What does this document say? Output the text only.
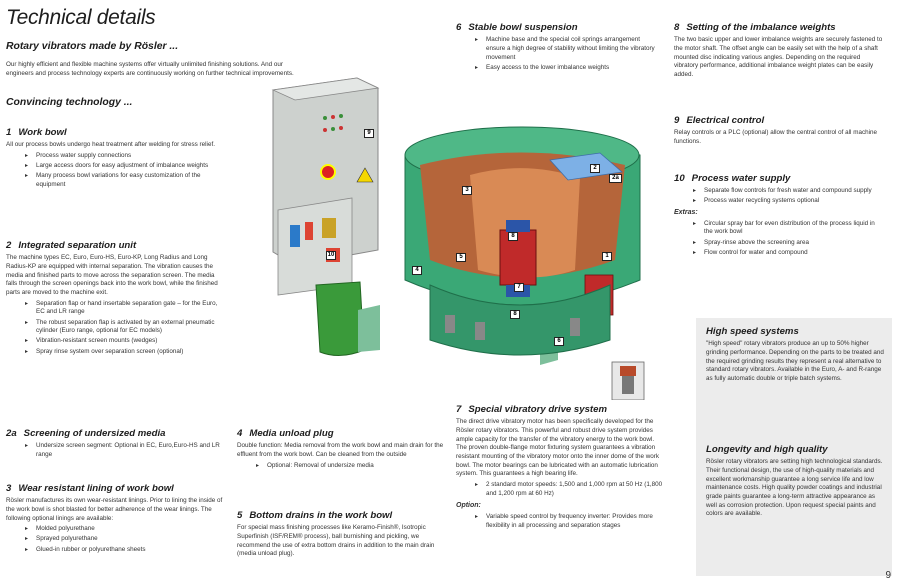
Technical details
Rotary vibrators made by Rösler ...
Our highly efficient and flexible machine systems offer virtually unlimited finishing solutions. And our engineers and process technology experts are continuously working on further technical improvements.
Convincing technology ...
1 Work bowl

All our process bowls undergo heat treatment after welding for stress relief.

▸ Process water supply connections
▸ Large access doors for easy adjustment of imbalance weights
▸ Many process bowl variations for easy customization of the equipment
2 Integrated separation unit

The machine types EC, Euro, Euro-HS, Euro-KP, Long Radius and Long Radius-KP are equipped with internal separation. The vibration causes the media and finished parts to move across the separation screen. The media falls through the screen openings back into the work bowl, while the finished parts are moved to the machine exit.

▸ Separation flap or hand insertable separation gate – for the Euro, EC and LR range
▸ The robust separation flap is activated by an external pneumatic cylinder (Euro range, optional for EC models)
▸ Vibration-resistant screen mounts (wedges)
▸ Spray rinse system over separation screen (optional)
2a Screening of undersized media
▸ Undersize screen segment: Optional in EC, Euro,Euro-HS and LR range
3 Wear resistant lining of work bowl

Rösler manufactures its own wear-resistant linings. Prior to lining the inside of the work bowl is shot blasted for better adherence of the wear linings. The following optional linings are available:

▸ Molded polyurethane
▸ Sprayed polyurethane
▸ Glued-in rubber or polyurethane sheets
4 Media unload plug

Double function: Media removal from the work bowl and main drain for the effluent from the work bowl. Can be cleaned from the outside

▸ Optional: Removal of undersize media
5 Bottom drains in the work bowl

For special mass finishing processes like Keramo-Finish®, Isotropic Superfinish (ISF/REM® process), ball burnishing and pickling, we recommend the use of extra bottom drains in addition to the main drain (media unload plug).

6 Stable bowl suspension
▸ Machine base and the special coil springs arrangement ensure a high degree of stability without limiting the vibratory movement
▸ Easy access to the lower imbalance weights
7 Special vibratory drive system

The direct drive vibratory motor has been specifically developed for the Rösler rotary vibrators. This powerful and robust drive system provides ample capacity for the transfer of the vibratory energy to the work bowl. The proven double-flange motor fixturing system guarantees a vibration resistant mounting of the vibratory motor onto the inner dome of the work bowl. The motor bearings can be lubricated with an automatic lubrication system. This guarantees a high bearing life.

▸ 2 standard motor speeds: 1,500 and 1,000 rpm at 50 Hz (1,800 and 1,200 rpm at 60 Hz)
Option:
▸ Variable speed control by frequency inverter: Provides more flexibility in all processing and separation stages
8 Setting of the imbalance weights

The two basic upper and lower imbalance weights are securely fastened to the motor shaft. The offset angle can be easily set with the help of a shaft mounted disc indicating various angles. Depending on the required vibratory performance, additional imbalance weight plates can be easily added.

9 Electrical control

Relay controls or a PLC (optional) allow the central control of all machine functions.

10 Process water supply
▸ Separate flow controls for fresh water and compound supply
▸ Process water recycling systems optional
Extras:
▸ Circular spray bar for even distribution of the process liquid in the work bowl
▸ Spray-rinse above the screening area
▸ Flow control for water and compound
High speed systems

"High speed" rotary vibrators produce an up to 50% higher grinding performance. Depending on the parts to be treated and the required grinding results they represent a real alternative to standard rotary vibrators. Available in the Euro, A- and R-range as fully automatic double or triple batch systems.

Longevity and high quality

Rösler rotary vibrators are setting high technological standards. Their functional design, the use of high-quality materials and excellent workmanship guarantee a long service life and low maintenance costs. High quality powder coatings and industrial grade paints guarantee a long-term attractive appearance as well as corrosion protection. Upon request special paints and colors are available.

9
10
3
2
2a
1
4
5
8
7
8
6
9
